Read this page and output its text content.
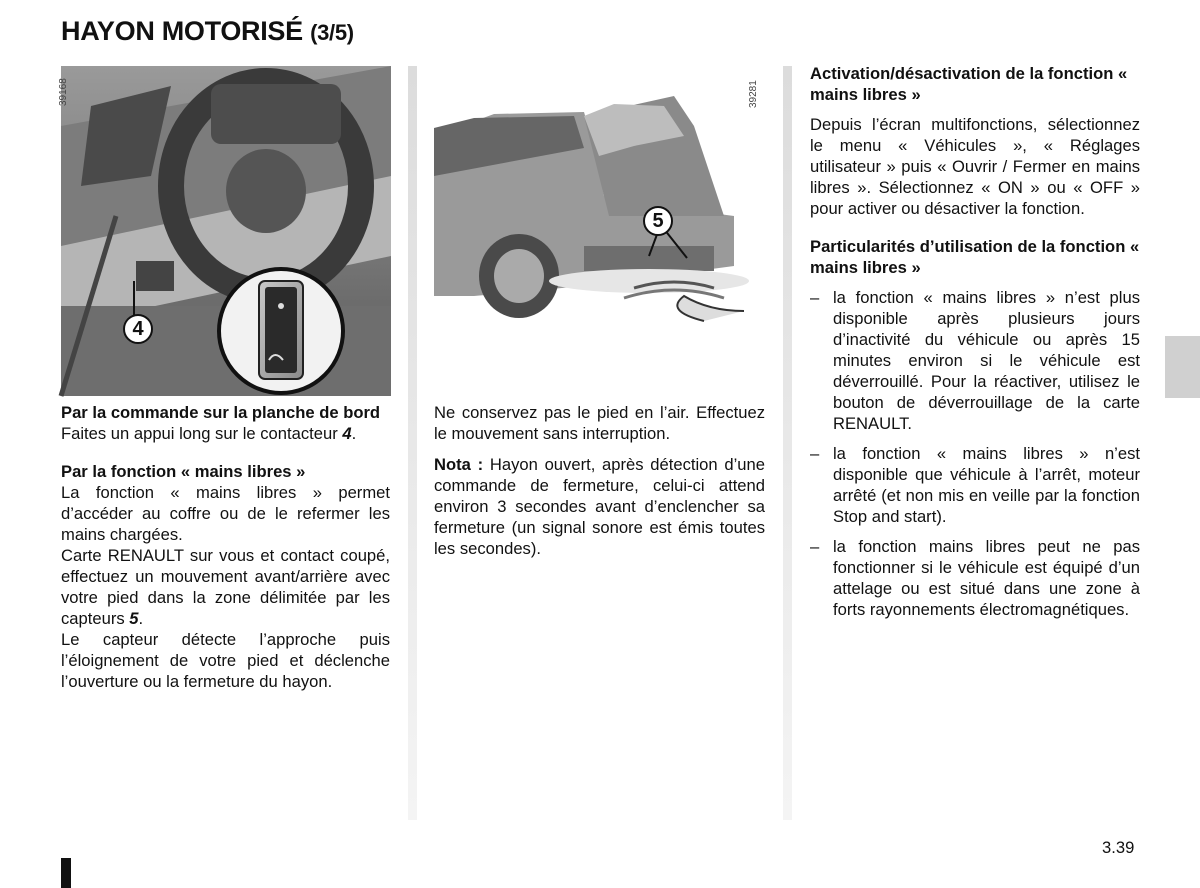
HAYON MOTORISÉ (3/5)
39168
4
5
39281
Par la commande sur la planche de bord

Faites un appui long sur le contacteur 4.

Par la fonction « mains libres »

La fonction « mains libres » permet d’accéder au coffre ou de le refermer les mains chargées.

Carte RENAULT sur vous et contact coupé, effectuez un mouvement avant/arrière avec votre pied dans la zone délimitée par les capteurs 5.

Le capteur détecte l’approche puis l’éloignement de votre pied et déclenche l’ouverture ou la fermeture du hayon.

Ne conservez pas le pied en l’air. Effectuez le mouvement sans interruption.

Nota : Hayon ouvert, après détection d’une commande de fermeture, celui-ci attend environ 3 secondes avant d’enclencher sa fermeture (un signal sonore est émis toutes les secondes).

Activation/désactivation de la fonction « mains libres »

Depuis l’écran multifonctions, sélectionnez le menu « Véhicules », « Réglages utilisateur » puis « Ouvrir / Fermer en mains libres ». Sélectionnez « ON » ou « OFF » pour activer ou désactiver la fonction.

Particularités d’utilisation de la fonction « mains libres »
– la fonction « mains libres » n’est plus disponible après plusieurs jours d’inactivité du véhicule ou après 15 minutes environ si le véhicule est déverrouillé. Pour la réactiver, utilisez le bouton de déverrouillage de la carte RENAULT.
– la fonction « mains libres » n’est disponible que véhicule à l’arrêt, moteur arrêté (et non mis en veille par la fonction Stop and start).
– la fonction mains libres peut ne pas fonctionner si le véhicule est équipé d’un attelage ou est situé dans une zone à forts rayonnements électromagnétiques.
3.39
